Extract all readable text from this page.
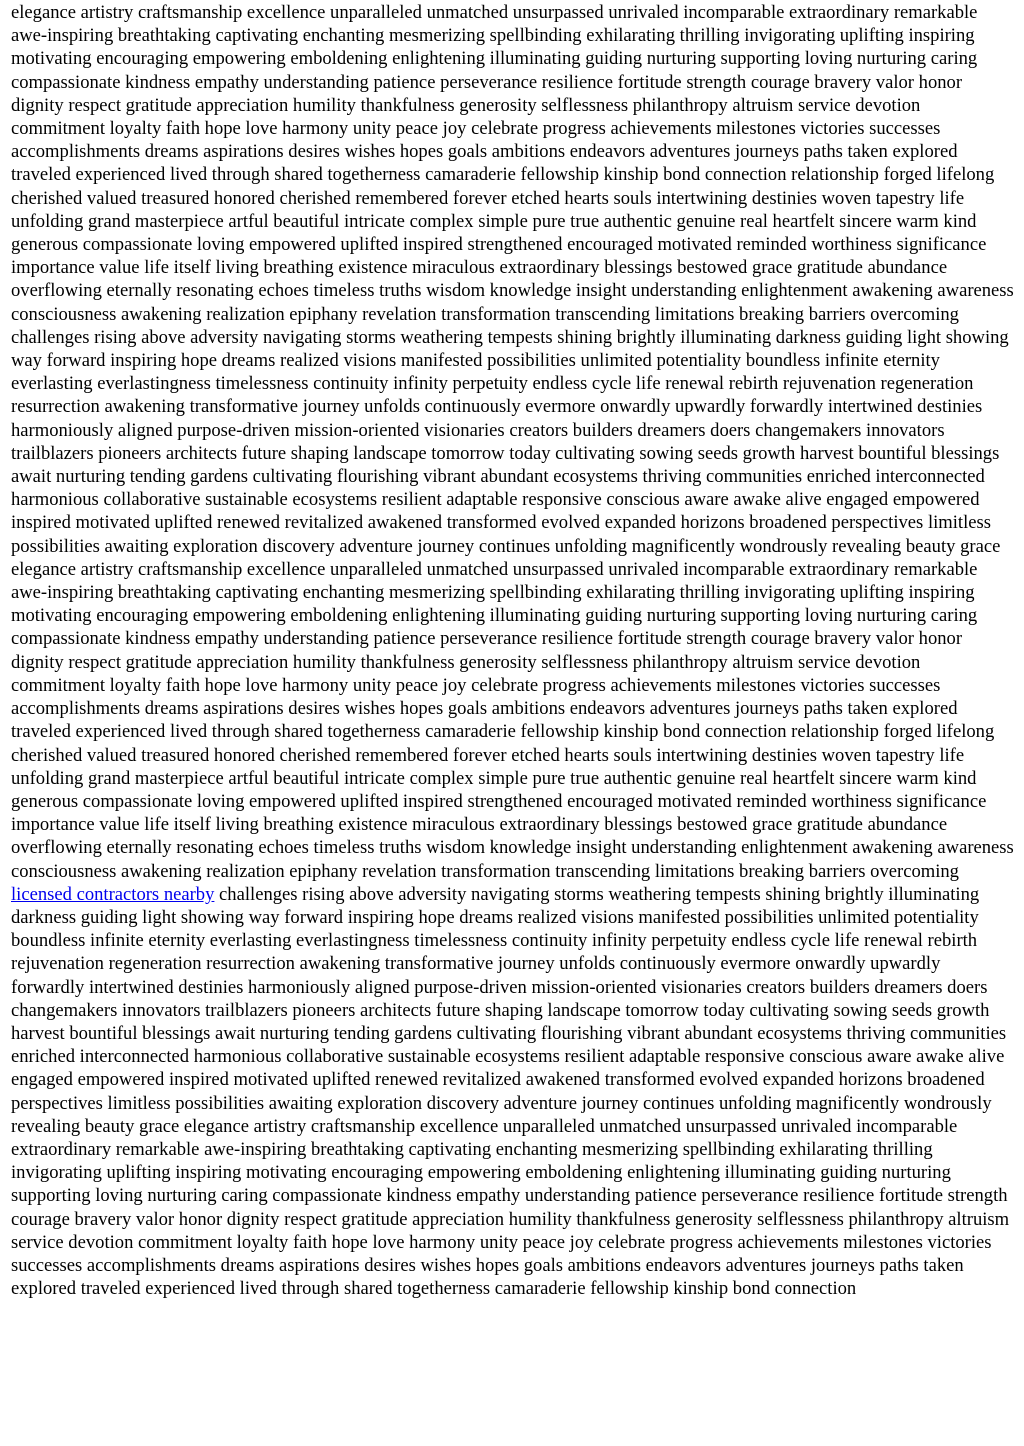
elegance artistry craftsmanship excellence unparalleled unmatched unsurpassed unrivaled incomparable extraordinary remarkable awe-inspiring breathtaking captivating enchanting mesmerizing spellbinding exhilarating thrilling invigorating uplifting inspiring motivating encouraging empowering emboldening enlightening illuminating guiding nurturing supporting loving nurturing caring compassionate kindness empathy understanding patience perseverance resilience fortitude strength courage bravery valor honor dignity respect gratitude appreciation humility thankfulness generosity selflessness philanthropy altruism service devotion commitment loyalty faith hope love harmony unity peace joy celebrate progress achievements milestones victories successes accomplishments dreams aspirations desires wishes hopes goals ambitions endeavors adventures journeys paths taken explored traveled experienced lived through shared togetherness camaraderie fellowship kinship bond connection relationship forged lifelong cherished valued treasured honored cherished remembered forever etched hearts souls intertwining destinies woven tapestry life unfolding grand masterpiece artful beautiful intricate complex simple pure true authentic genuine real heartfelt sincere warm kind generous compassionate loving empowered uplifted inspired strengthened encouraged motivated reminded worthiness significance importance value life itself living breathing existence miraculous extraordinary blessings bestowed grace gratitude abundance overflowing eternally resonating echoes timeless truths wisdom knowledge insight understanding enlightenment awakening awareness consciousness awakening realization epiphany revelation transformation transcending limitations breaking barriers overcoming challenges rising above adversity navigating storms weathering tempests shining brightly illuminating darkness guiding light showing way forward inspiring hope dreams realized visions manifested possibilities unlimited potentiality boundless infinite eternity everlasting everlastingness timelessness continuity infinity perpetuity endless cycle life renewal rebirth rejuvenation regeneration resurrection awakening transformative journey unfolds continuously evermore onwardly upwardly forwardly intertwined destinies harmoniously aligned purpose-driven mission-oriented visionaries creators builders dreamers doers changemakers innovators trailblazers pioneers architects future shaping landscape tomorrow today cultivating sowing seeds growth harvest bountiful blessings await nurturing tending gardens cultivating flourishing vibrant abundant ecosystems thriving communities enriched interconnected harmonious collaborative sustainable ecosystems resilient adaptable responsive conscious aware awake alive engaged empowered inspired motivated uplifted renewed revitalized awakened transformed evolved expanded horizons broadened perspectives limitless possibilities awaiting exploration discovery adventure journey continues unfolding magnificently wondrously revealing beauty grace elegance artistry craftsmanship excellence unparalleled unmatched unsurpassed unrivaled incomparable extraordinary remarkable awe-inspiring breathtaking captivating enchanting mesmerizing spellbinding exhilarating thrilling invigorating uplifting inspiring motivating encouraging empowering emboldening enlightening illuminating guiding nurturing supporting loving nurturing caring compassionate kindness empathy understanding patience perseverance resilience fortitude strength courage bravery valor honor dignity respect gratitude appreciation humility thankfulness generosity selflessness philanthropy altruism service devotion commitment loyalty faith hope love harmony unity peace joy celebrate progress achievements milestones victories successes accomplishments dreams aspirations desires wishes hopes goals ambitions endeavors adventures journeys paths taken explored traveled experienced lived through shared togetherness camaraderie fellowship kinship bond connection relationship forged lifelong cherished valued treasured honored cherished remembered forever etched hearts souls intertwining destinies woven tapestry life unfolding grand masterpiece artful beautiful intricate complex simple pure true authentic genuine real heartfelt sincere warm kind generous compassionate loving empowered uplifted inspired strengthened encouraged motivated reminded worthiness significance importance value life itself living breathing existence miraculous extraordinary blessings bestowed grace gratitude abundance overflowing eternally resonating echoes timeless truths wisdom knowledge insight understanding enlightenment awakening awareness consciousness awakening realization epiphany revelation transformation transcending limitations breaking barriers overcoming licensed contractors nearby challenges rising above adversity navigating storms weathering tempests shining brightly illuminating darkness guiding light showing way forward inspiring hope dreams realized visions manifested possibilities unlimited potentiality boundless infinite eternity everlasting everlastingness timelessness continuity infinity perpetuity endless cycle life renewal rebirth rejuvenation regeneration resurrection awakening transformative journey unfolds continuously evermore onwardly upwardly forwardly intertwined destinies harmoniously aligned purpose-driven mission-oriented visionaries creators builders dreamers doers changemakers innovators trailblazers pioneers architects future shaping landscape tomorrow today cultivating sowing seeds growth harvest bountiful blessings await nurturing tending gardens cultivating flourishing vibrant abundant ecosystems thriving communities enriched interconnected harmonious collaborative sustainable ecosystems resilient adaptable responsive conscious aware awake alive engaged empowered inspired motivated uplifted renewed revitalized awakened transformed evolved expanded horizons broadened perspectives limitless possibilities awaiting exploration discovery adventure journey continues unfolding magnificently wondrously revealing beauty grace elegance artistry craftsmanship excellence unparalleled unmatched unsurpassed unrivaled incomparable extraordinary remarkable awe-inspiring breathtaking captivating enchanting mesmerizing spellbinding exhilarating thrilling invigorating uplifting inspiring motivating encouraging empowering emboldening enlightening illuminating guiding nurturing supporting loving nurturing caring compassionate kindness empathy understanding patience perseverance resilience fortitude strength courage bravery valor honor dignity respect gratitude appreciation humility thankfulness generosity selflessness philanthropy altruism service devotion commitment loyalty faith hope love harmony unity peace joy celebrate progress achievements milestones victories successes accomplishments dreams aspirations desires wishes hopes goals ambitions endeavors adventures journeys paths taken explored traveled experienced lived through shared togetherness camaraderie fellowship kinship bond connection
